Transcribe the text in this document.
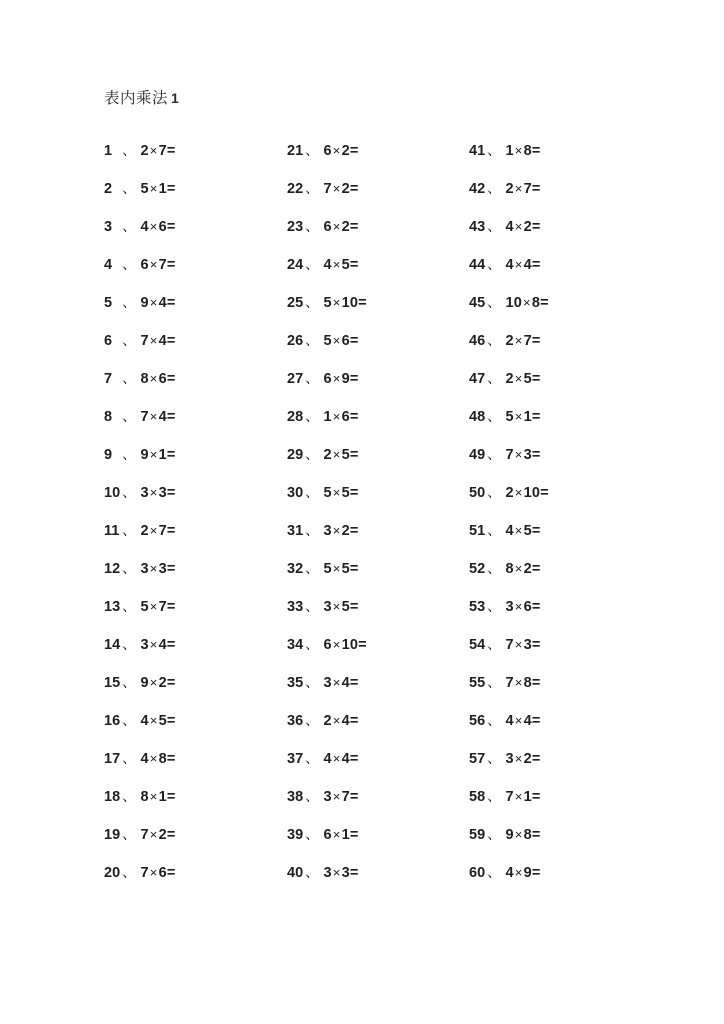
表内乘法 1
1 、 2×7=
2 、 5×1=
3 、 4×6=
4 、 6×7=
5 、 9×4=
6 、 7×4=
7 、 8×6=
8 、 7×4=
9 、 9×1=
10 、 3×3=
11 、 2×7=
12 、 3×3=
13 、 5×7=
14 、 3×4=
15 、 9×2=
16 、 4×5=
17 、 4×8=
18 、 8×1=
19 、 7×2=
20 、 7×6=
21 、 6×2=
22 、 7×2=
23 、 6×2=
24 、 4×5=
25 、 5×10=
26 、 5×6=
27 、 6×9=
28 、 1×6=
29 、 2×5=
30 、 5×5=
31 、 3×2=
32 、 5×5=
33 、 3×5=
34 、 6×10=
35 、 3×4=
36 、 2×4=
37 、 4×4=
38 、 3×7=
39 、 6×1=
40 、 3×3=
41 、 1×8=
42 、 2×7=
43 、 4×2=
44 、 4×4=
45 、 10×8=
46 、 2×7=
47 、 2×5=
48 、 5×1=
49 、 7×3=
50 、 2×10=
51 、 4×5=
52 、 8×2=
53 、 3×6=
54 、 7×3=
55 、 7×8=
56 、 4×4=
57 、 3×2=
58 、 7×1=
59 、 9×8=
60 、 4×9=
